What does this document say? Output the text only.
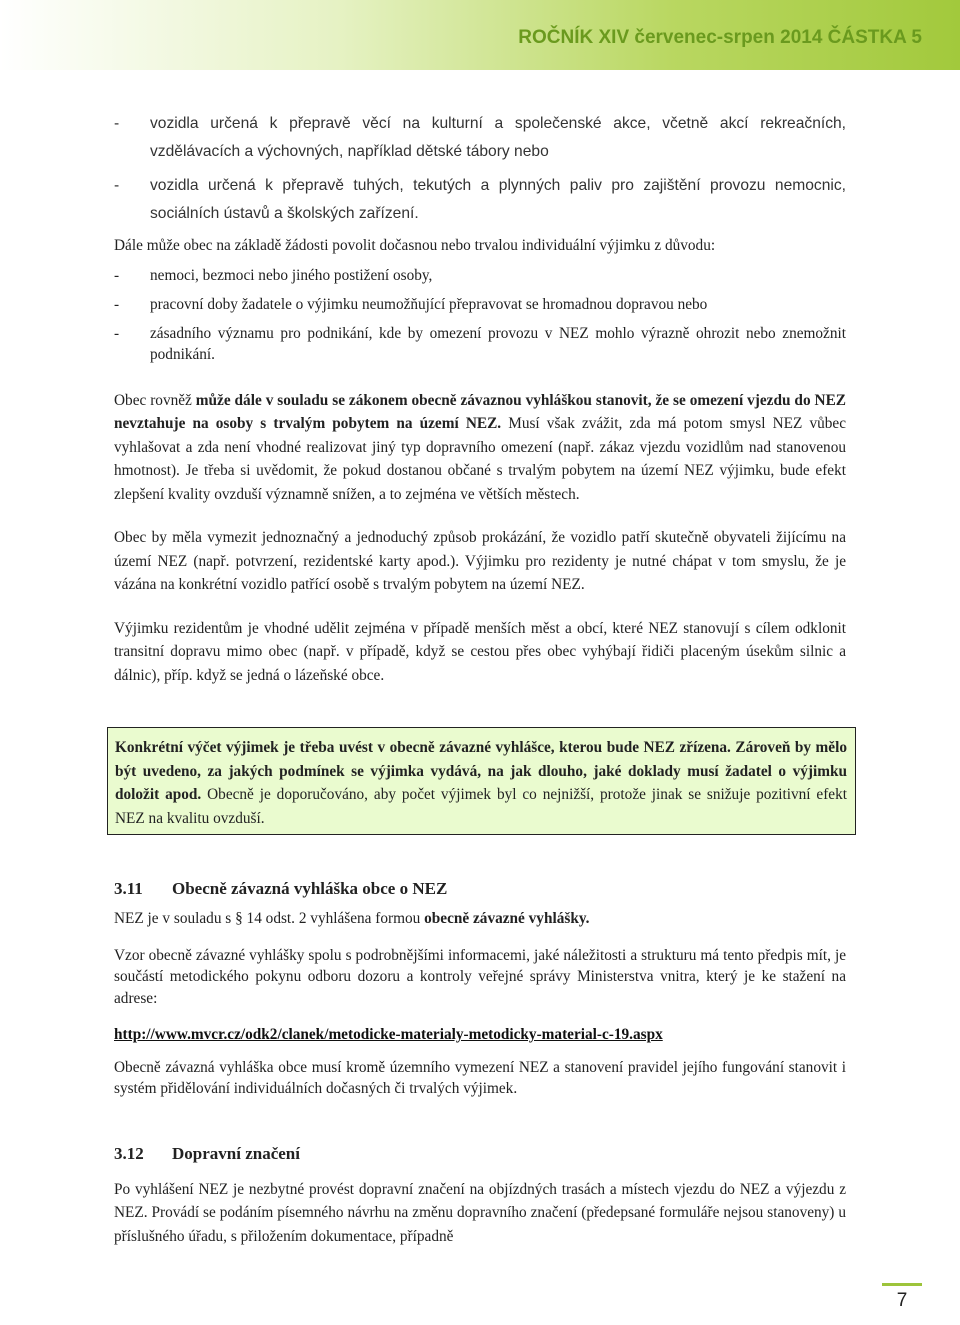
ROČNÍK XIV červenec-srpen 2014 ČÁSTKA 5
-	vozidla určená k přepravě věcí na kulturní a společenské akce, včetně akcí rekreačních, vzdělávacích a výchovných, například dětské tábory nebo
-	vozidla určená k přepravě tuhých, tekutých a plynných paliv pro zajištění provozu nemocnic, sociálních ústavů a školských zařízení.

Dále může obec na základě žádosti povolit dočasnou nebo trvalou individuální výjimku z důvodu:

-	nemoci, bezmoci nebo jiného postižení osoby,
-	pracovní doby žadatele o výjimku neumožňující přepravovat se hromadnou dopravou nebo
-	zásadního významu pro podnikání, kde by omezení provozu v NEZ mohlo výrazně ohrozit nebo znemožnit podnikání.

Obec rovněž může dále v souladu se zákonem obecně závaznou vyhláškou stanovit, že se omezení vjezdu do NEZ nevztahuje na osoby s trvalým pobytem na území NEZ. Musí však zvážit, zda má potom smysl NEZ vůbec vyhlašovat a zda není vhodné realizovat jiný typ dopravního omezení (např. zákaz vjezdu vozidlům nad stanovenou hmotnost). Je třeba si uvědomit, že pokud dostanou občané s trvalým pobytem na území NEZ výjimku, bude efekt zlepšení kvality ovzduší významně snížen, a to zejména ve větších městech.

Obec by měla vymezit jednoznačný a jednoduchý způsob prokázání, že vozidlo patří skutečně obyvateli žijícímu na území NEZ (např. potvrzení, rezidentské karty apod.). Výjimku pro rezidenty je nutné chápat v tom smyslu, že je vázána na konkrétní vozidlo patřící osobě s trvalým pobytem na území NEZ.

Výjimku rezidentům je vhodné udělit zejména v případě menších měst a obcí, které NEZ stanovují s cílem odklonit transitní dopravu mimo obec (např. v případě, když se cestou přes obec vyhýbají řidiči placeným úsekům silnic a dálnic), příp. když se jedná o lázeňské obce.

Konkrétní výčet výjimek je třeba uvést v obecně závazné vyhlášce, kterou bude NEZ zřízena. Zároveň by mělo být uvedeno, za jakých podmínek se výjimka vydává, na jak dlouho, jaké doklady musí žadatel o výjimku doložit apod. Obecně je doporučováno, aby počet výjimek byl co nejnižší, protože jinak se snižuje pozitivní efekt NEZ na kvalitu ovzduší.

3.11	Obecně závazná vyhláška obce o NEZ

NEZ je v souladu s § 14 odst. 2 vyhlášena formou obecně závazné vyhlášky.

Vzor obecně závazné vyhlášky spolu s podrobnějšími informacemi, jaké náležitosti a strukturu má tento předpis mít, je součástí metodického pokynu odboru dozoru a kontroly veřejné správy Ministerstva vnitra, který je ke stažení na adrese:

http://www.mvcr.cz/odk2/clanek/metodicke-materialy-metodicky-material-c-19.aspx

Obecně závazná vyhláška obce musí kromě územního vymezení NEZ a stanovení pravidel jejího fungování stanovit i systém přidělování individuálních dočasných či trvalých výjimek.

3.12	Dopravní značení

Po vyhlášení NEZ je nezbytné provést dopravní značení na objízdných trasách a místech vjezdu do NEZ a výjezdu z NEZ. Provádí se podáním písemného návrhu na změnu dopravního značení (předepsané formuláře nejsou stanoveny) u příslušného úřadu, s přiložením dokumentace, případně

7
